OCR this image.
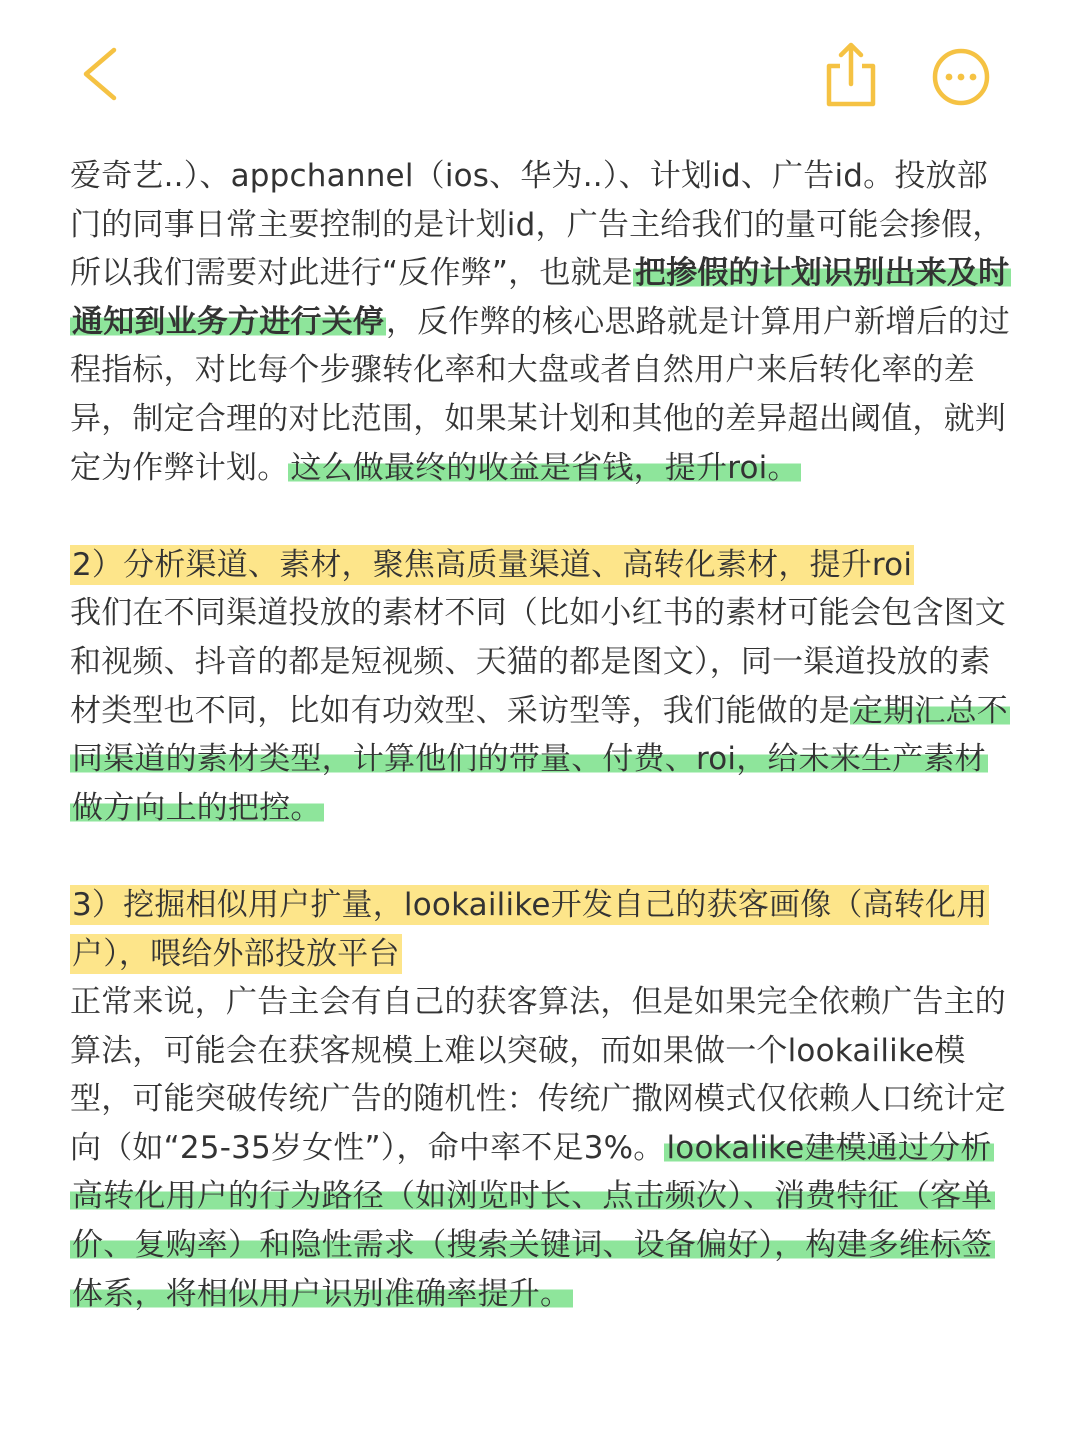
爱奇艺..）、appchannel（ios、华为..）、计划id、广告id。投放部门的同事日常主要控制的是计划id，广告主给我们的量可能会掺假，所以我们需要对此进行“反作弊”，也就是把掺假的计划识别出来及时通知到业务方进行关停，反作弊的核心思路就是计算用户新增后的过程指标，对比每个步骤转化率和大盘或者自然用户来后转化率的差异，制定合理的对比范围，如果某计划和其他的差异超出阈值，就判定为作弊计划。这么做最终的收益是省钱，提升roi。

2）分析渠道、素材，聚焦高质量渠道、高转化素材，提升roi

我们在不同渠道投放的素材不同（比如小红书的素材可能会包含图文和视频、抖音的都是短视频、天猫的都是图文），同一渠道投放的素材类型也不同，比如有功效型、采访型等，我们能做的是定期汇总不同渠道的素材类型，计算他们的带量、付费、roi，给未来生产素材做方向上的把控。

3）挖掘相似用户扩量，lookailike开发自己的获客画像（高转化用户），喂给外部投放平台

正常来说，广告主会有自己的获客算法，但是如果完全依赖广告主的算法，可能会在获客规模上难以突破，而如果做一个lookailike模型，可能突破传统广告的随机性：传统广撒网模式仅依赖人口统计定向（如“25-35岁女性”），命中率不足3%。lookalike建模通过分析高转化用户的行为路径（如浏览时长、点击频次）、消费特征（客单价、复购率）和隐性需求（搜索关键词、设备偏好），构建多维标签体系，将相似用户识别准确率提升。
